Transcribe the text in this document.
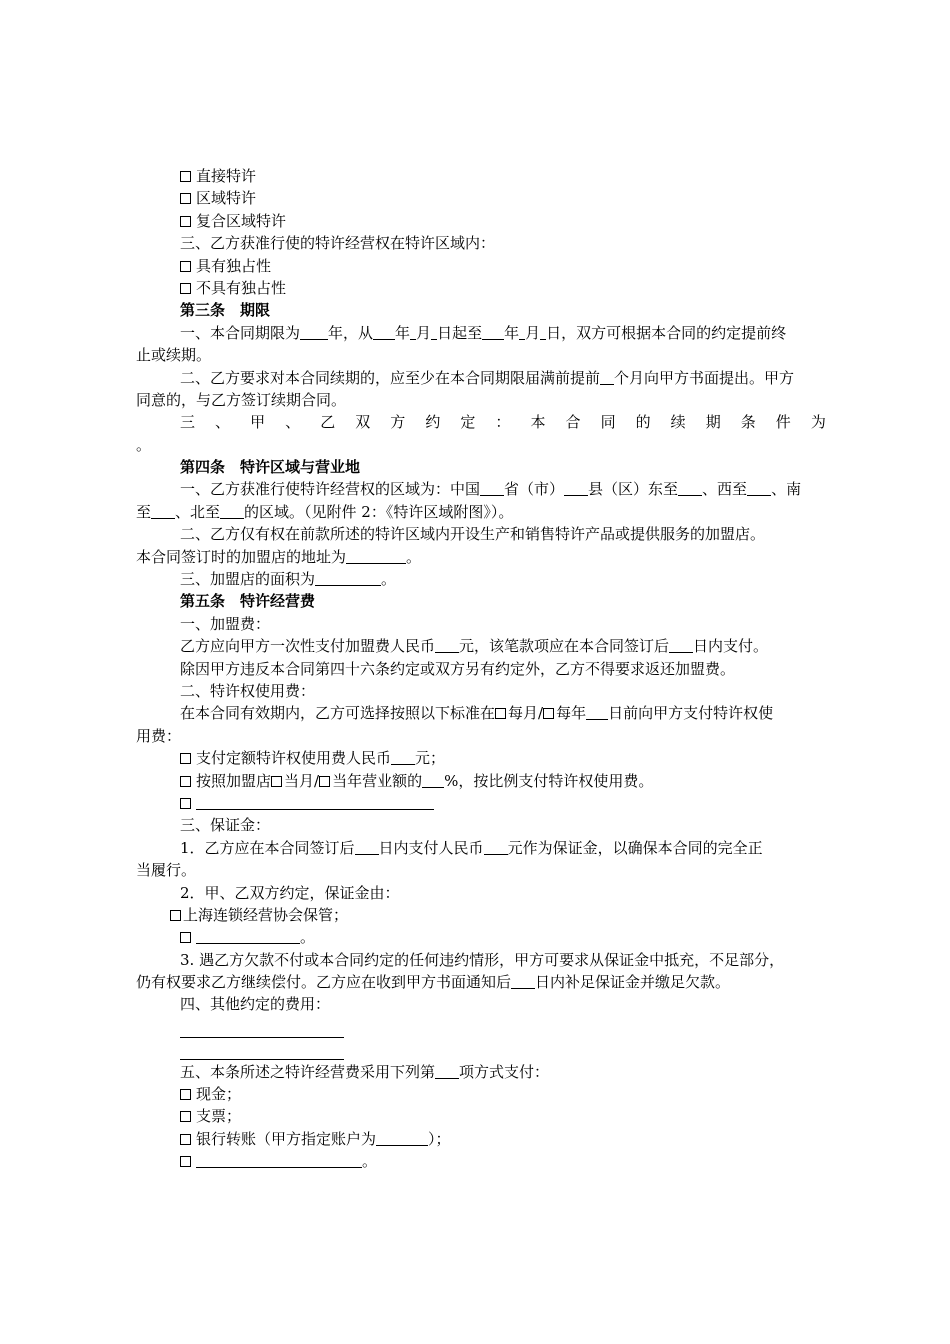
直接特许
区域特许
复合区域特许
三、乙方获准行使的特许经营权在特许区域内：
具有独占性
不具有独占性
第三条　期限
一、本合同期限为 年，从 年 月 日起至 年 月 日，双方可根据本合同的约定提前终
止或续期。
二、乙方要求对本合同续期的，应至少在本合同期限届满前提前 个月向甲方书面提出。甲方
同意的，与乙方签订续期合同。
三 、 甲 、 乙 双 方 约 定 ： 本 合 同 的 续 期 条 件 为
。
第四条　特许区域与营业地
一、乙方获准行使特许经营权的区域为：中国 省（市） 县（区）东至 、西至 、南
至 、北至 的区域。（见附件 2：《特许区域附图》）。
二、乙方仅有权在前款所述的特许区域内开设生产和销售特许产品或提供服务的加盟店。
本合同签订时的加盟店的地址为	。
三、加盟店的面积为	。
第五条　特许经营费
一、加盟费：
乙方应向甲方一次性支付加盟费人民币 元，该笔款项应在本合同签订后 日内支付。
除因甲方违反本合同第四十六条约定或双方另有约定外，乙方不得要求返还加盟费。
二、特许权使用费：
在本合同有效期内，乙方可选择按照以下标准在 每月/ 每年 日前向甲方支付特许权使
用费：
支付定额特许权使用费人民币 元；
按照加盟店 当月/ 当年营业额的 %，按比例支付特许权使用费。
三、保证金：
1．乙方应在本合同签订后 日内支付人民币 元作为保证金，以确保本合同的完全正
当履行。
2．甲、乙双方约定，保证金由：
上海连锁经营协会保管；
。
3. 遇乙方欠款不付或本合同约定的任何违约情形，甲方可要求从保证金中抵充，不足部分，
仍有权要求乙方继续偿付。乙方应在收到甲方书面通知后 日内补足保证金并缴足欠款。
四、其他约定的费用：
五、本条所述之特许经营费采用下列第 项方式支付：
现金；
支票；
银行转账（甲方指定账户为	）；
。
